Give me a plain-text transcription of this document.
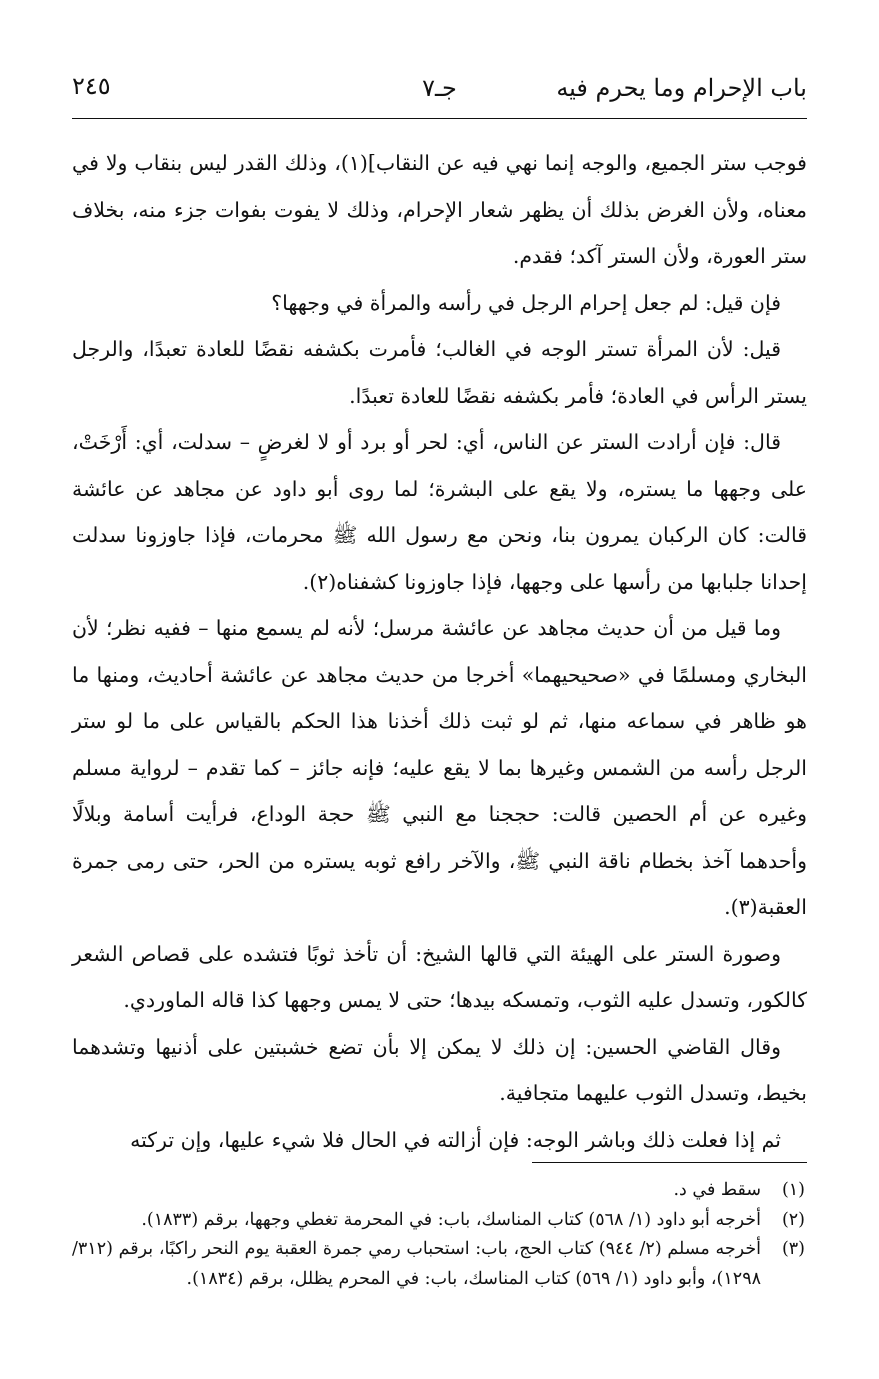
باب الإحرام وما يحرم فيه
جـ٧
٢٤٥

فوجب ستر الجميع، والوجه إنما نهي فيه عن النقاب](١)، وذلك القدر ليس بنقاب ولا في معناه، ولأن الغرض بذلك أن يظهر شعار الإحرام، وذلك لا يفوت بفوات جزء منه، بخلاف ستر العورة، ولأن الستر آكد؛ فقدم.

فإن قيل: لم جعل إحرام الرجل في رأسه والمرأة في وجهها؟

قيل: لأن المرأة تستر الوجه في الغالب؛ فأمرت بكشفه نقضًا للعادة تعبدًا، والرجل يستر الرأس في العادة؛ فأمر بكشفه نقضًا للعادة تعبدًا.

قال: فإن أرادت الستر عن الناس، أي: لحر أو برد أو لا لغرضٍ – سدلت، أي: أَرْخَتْ، على وجهها ما يستره، ولا يقع على البشرة؛ لما روى أبو داود عن مجاهد عن عائشة قالت: كان الركبان يمرون بنا، ونحن مع رسول الله ﷺ محرمات، فإذا جاوزونا سدلت إحدانا جلبابها من رأسها على وجهها، فإذا جاوزونا كشفناه(٢).

وما قيل من أن حديث مجاهد عن عائشة مرسل؛ لأنه لم يسمع منها – ففيه نظر؛ لأن البخاري ومسلمًا في «صحيحيهما» أخرجا من حديث مجاهد عن عائشة أحاديث، ومنها ما هو ظاهر في سماعه منها، ثم لو ثبت ذلك أخذنا هذا الحكم بالقياس على ما لو ستر الرجل رأسه من الشمس وغيرها بما لا يقع عليه؛ فإنه جائز – كما تقدم – لرواية مسلم وغيره عن أم الحصين قالت: حججنا مع النبي ﷺ حجة الوداع، فرأيت أسامة وبلالًا وأحدهما آخذ بخطام ناقة النبي ﷺ، والآخر رافع ثوبه يستره من الحر، حتى رمى جمرة العقبة(٣).

وصورة الستر على الهيئة التي قالها الشيخ: أن تأخذ ثوبًا فتشده على قصاص الشعر كالكور، وتسدل عليه الثوب، وتمسكه بيدها؛ حتى لا يمس وجهها كذا قاله الماوردي.

وقال القاضي الحسين: إن ذلك لا يمكن إلا بأن تضع خشبتين على أذنيها وتشدهما بخيط، وتسدل الثوب عليهما متجافية.

ثم إذا فعلت ذلك وباشر الوجه: فإن أزالته في الحال فلا شيء عليها، وإن تركته

(١)
سقط في د.
(٢)
أخرجه أبو داود (١/ ٥٦٨) كتاب المناسك، باب: في المحرمة تغطي وجهها، برقم (١٨٣٣).
(٣)
أخرجه مسلم (٢/ ٩٤٤) كتاب الحج، باب: استحباب رمي جمرة العقبة يوم النحر راكبًا، برقم (٣١٢/ ١٢٩٨)، وأبو داود (١/ ٥٦٩) كتاب المناسك، باب: في المحرم يظلل، برقم (١٨٣٤).
